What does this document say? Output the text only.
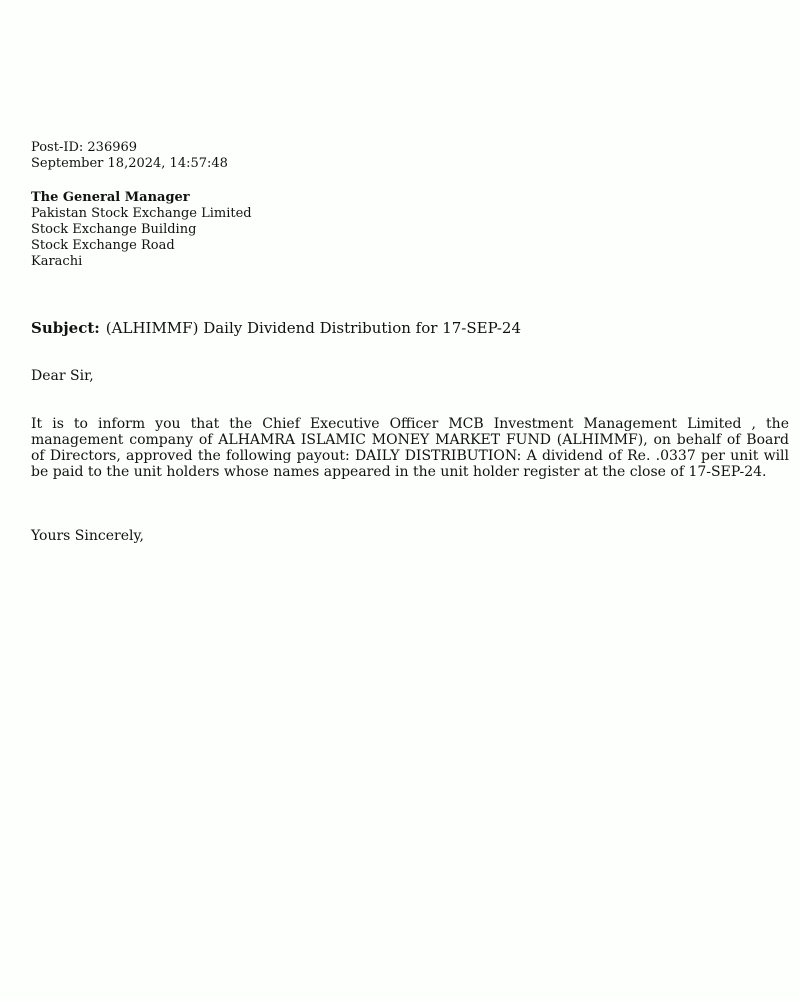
Post-ID: 236969
September 18,2024, 14:57:48
The General Manager
Pakistan Stock Exchange Limited
Stock Exchange Building
Stock Exchange Road
Karachi
Subject: (ALHIMMF) Daily Dividend Distribution for 17-SEP-24
Dear Sir,
It is to inform you that the Chief Executive Officer MCB Investment Management Limited , the management company of ALHAMRA ISLAMIC MONEY MARKET FUND (ALHIMMF), on behalf of Board of Directors, approved the following payout: DAILY DISTRIBUTION: A dividend of Re. .0337 per unit will be paid to the unit holders whose names appeared in the unit holder register at the close of 17-SEP-24.
Yours Sincerely,
